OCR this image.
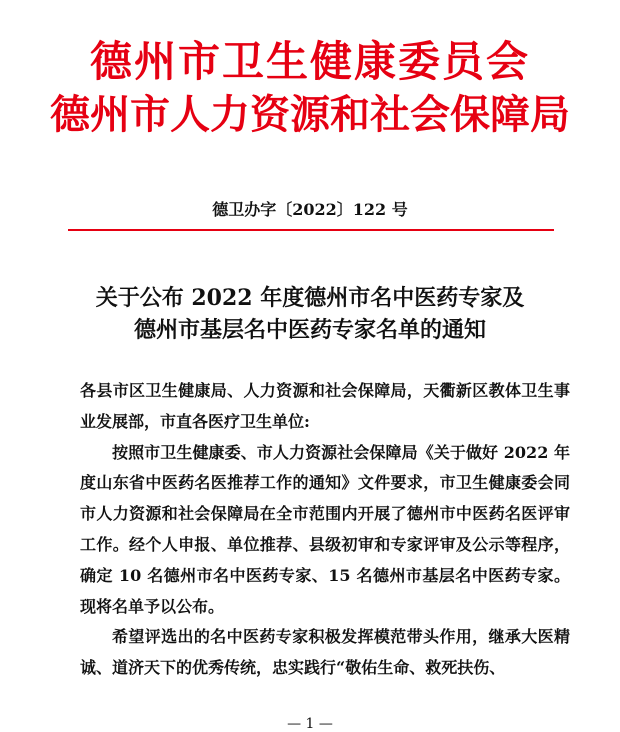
德州市卫生健康委员会
德州市人力资源和社会保障局
德卫办字〔2022〕122 号
关于公布 2022 年度德州市名中医药专家及
德州市基层名中医药专家名单的通知

各县市区卫生健康局、人力资源和社会保障局，天衢新区教体卫生事业发展部，市直各医疗卫生单位:

按照市卫生健康委、市人力资源社会保障局《关于做好 2022 年度山东省中医药名医推荐工作的通知》文件要求，市卫生健康委会同市人力资源和社会保障局在全市范围内开展了德州市中医药名医评审工作。经个人申报、单位推荐、县级初审和专家评审及公示等程序，确定 10 名德州市名中医药专家、15 名德州市基层名中医药专家。现将名单予以公布。

希望评选出的名中医药专家积极发挥模范带头作用，继承大医精诚、道济天下的优秀传统，忠实践行“敬佑生命、救死扶伤、

— 1 —
